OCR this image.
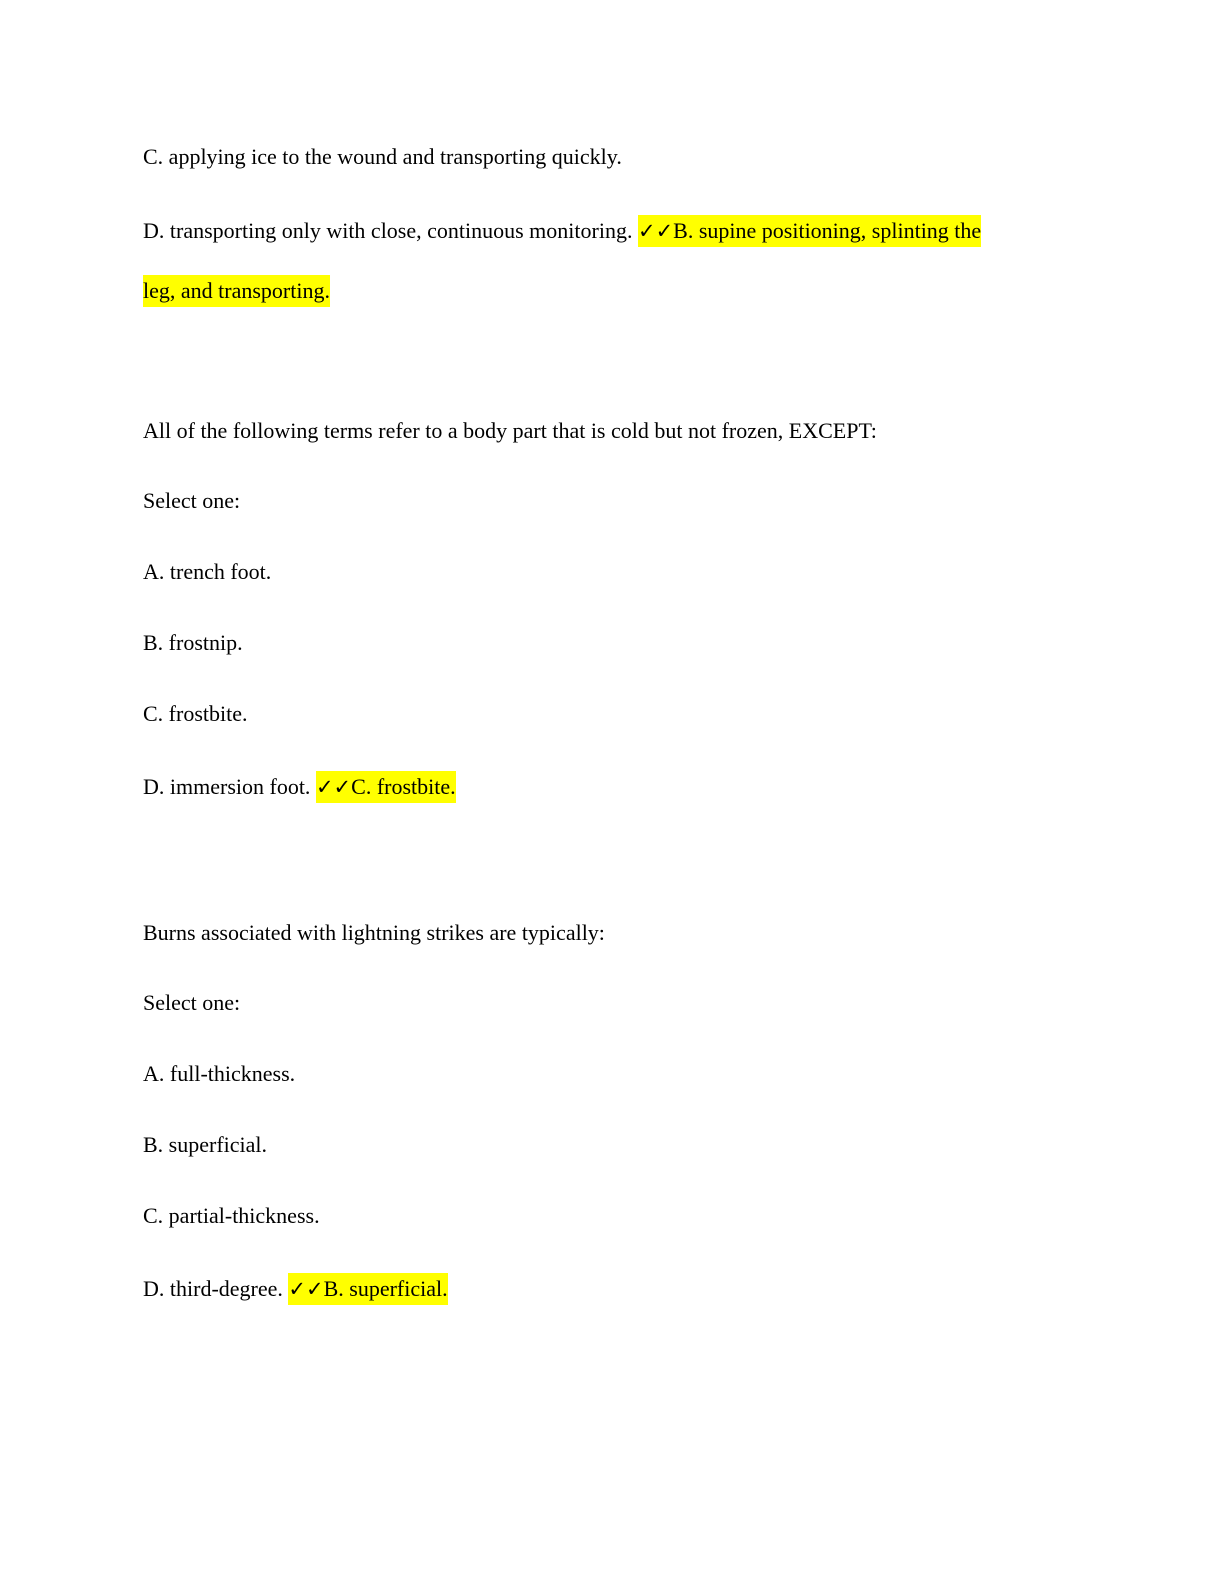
C. applying ice to the wound and transporting quickly.
D. transporting only with close, continuous monitoring. ✓✓B. supine positioning, splinting the
leg, and transporting.
All of the following terms refer to a body part that is cold but not frozen, EXCEPT:
Select one:
A. trench foot.
B. frostnip.
C. frostbite.
D. immersion foot. ✓✓C. frostbite.
Burns associated with lightning strikes are typically:
Select one:
A. full-thickness.
B. superficial.
C. partial-thickness.
D. third-degree. ✓✓B. superficial.
